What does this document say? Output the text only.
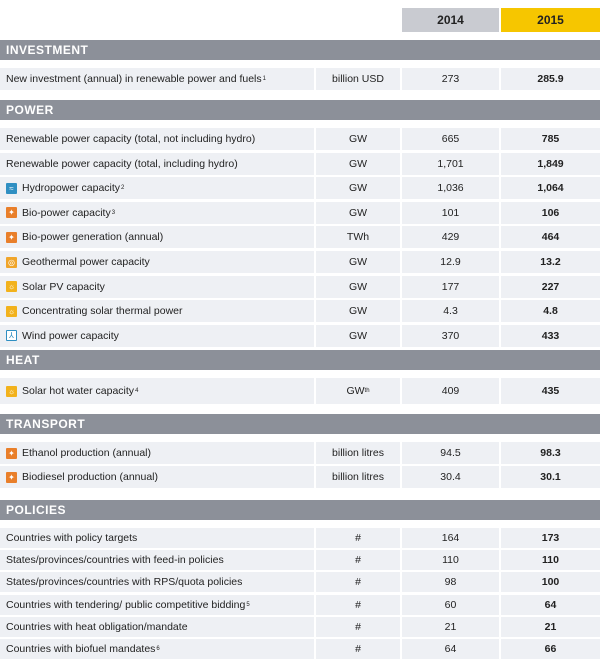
2014	2015
INVESTMENT
New investment (annual) in renewable power and fuels 1	billion USD	273	285.9
POWER
Renewable power capacity (total, not including hydro)	GW	665	785
Renewable power capacity (total, including hydro)	GW	1,701	1,849
≈ Hydropower capacity 2	GW	1,036	1,064
✦ Bio-power capacity 3	GW	101	106
✦ Bio-power generation (annual)	TWh	429	464
◎ Geothermal power capacity	GW	12.9	13.2
☼ Solar PV capacity	GW	177	227
☼ Concentrating solar thermal power	GW	4.3	4.8
⅄ Wind power capacity	GW	370	433
HEAT
☼ Solar hot water capacity 4	GW th	409	435
TRANSPORT
✦ Ethanol production (annual)	billion litres	94.5	98.3
✦ Biodiesel production (annual)	billion litres	30.4	30.1
POLICIES
Countries with policy targets	#	164	173
States/provinces/countries with feed-in policies	#	110	110
States/provinces/countries with RPS/quota policies	#	98	100
Countries with tendering/ public competitive bidding 5	#	60	64
Countries with heat obligation/mandate	#	21	21
Countries with biofuel mandates 6	#	64	66
